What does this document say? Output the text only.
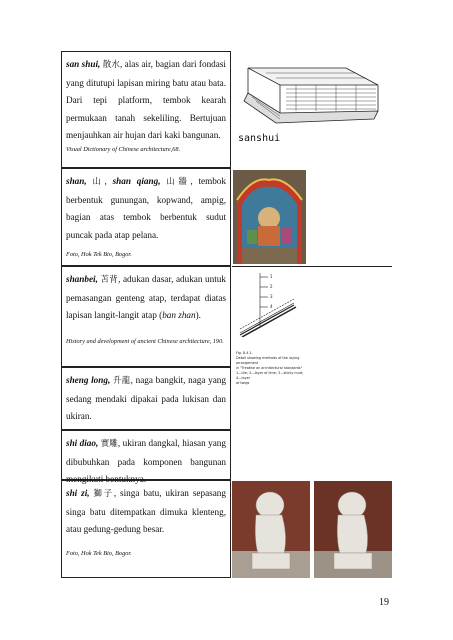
san shui, 散水, alas air, bagian dari fondasi yang ditutupi lapisan miring batu atau bata. Dari tepi platform, tembok kearah permukaan tanah sekeliling. Bertujuan menjauhkan air hujan dari kaki bangunan.
Visual Dictionary of Chinese architecture,68.
shan, 山, shan qiang, 山牆, tembok berbentuk gunungan, kopwand, ampig, bagian atas tembok berbentuk sudut puncak pada atap pelana.
Foto, Hok Tek Bio, Bogor.
shanbei, 苫背, adukan dasar, adukan untuk pemasangan genteng atap, terdapat diatas lapisan langit-langit atap (ban zhan).
History and development of ancient Chinese architecture, 190.
sheng long, 升龍, naga bangkit, naga yang sedang mendaki dipakai pada lukisan dan ukiran.
shi diao, 實雕, ukiran dangkal, hiasan yang dibubuhkan pada komponen bangunan mengikuti bentuknya.
shi zi, 獅子, singa batu, ukiran sepasang singa batu ditempatkan dimuka klenteng, atau gedung-gedung besar.
Foto, Hok Tek Bio, Bogor.
sanshui
1
2
3
4
Fig. 8.4.1.
Detail showing methods of the laying arrangement
in "Treatise on architectural standards"
1—tile; 2—layer of lime; 3—sticky mud; 4—layer
of twigs
19
